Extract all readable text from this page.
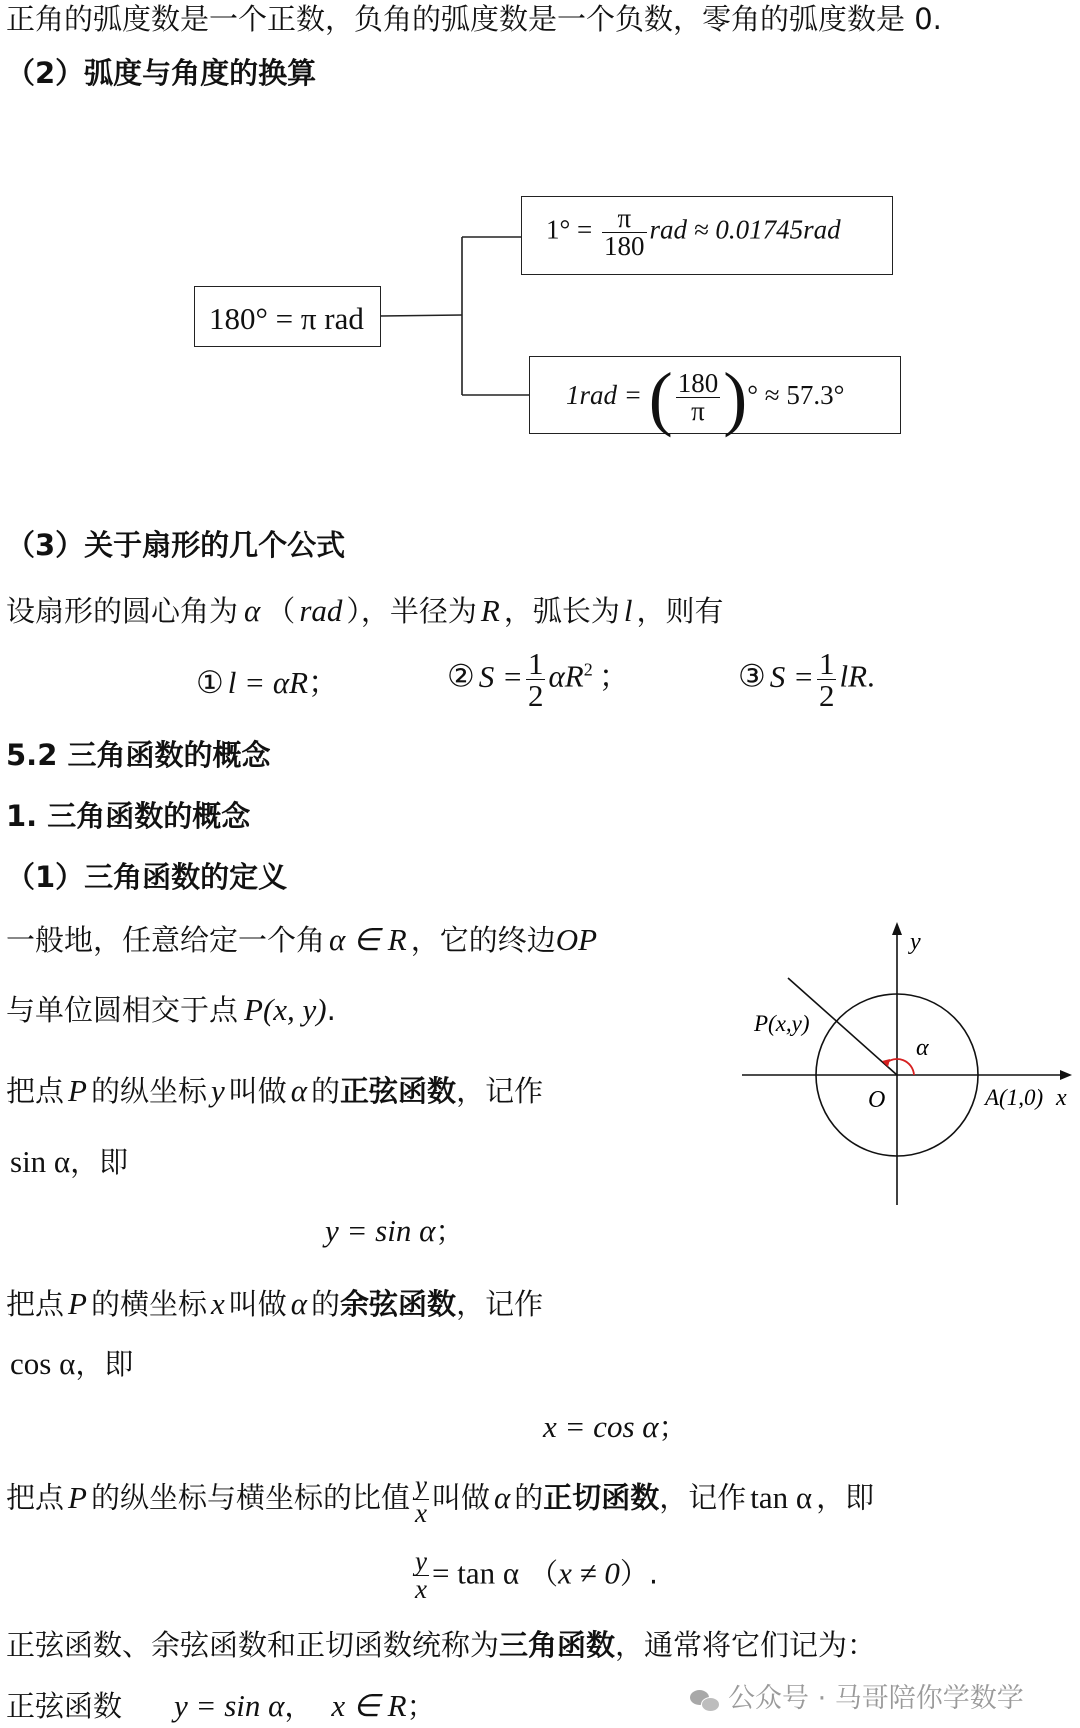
正角的弧度数是一个正数，负角的弧度数是一个负数，零角的弧度数是 0.
（2）弧度与角度的换算
180° = π rad
$1^\circ = \frac{\pi}{180}$ rad ≈ 0.01745rad
1rad = ( $\frac{180}{\pi}$ )° ≈ 57.3°
（3）关于扇形的几个公式
设扇形的圆心角为 α （ rad ），半径为 R ，弧长为 l ，则有
① l = αR；	② $S = \frac{1}{2} \alpha R^2$ ；	③ $S = \frac{1}{2}$ lR.
5.2 三角函数的概念
1. 三角函数的概念
（1）三角函数的定义
一般地，任意给定一个角 α ∈ R ，它的终边OP
与单位圆相交于点 P(x, y).
把点 P 的纵坐标 y 叫做 α 的正弦函数，记作
sin α，即
y = sin α；
把点 P 的横坐标 x 叫做 α 的余弦函数，记作
cos α，即
x = cos α；
把点 P 的纵坐标与横坐标的比值 $\frac{y}{x}$ 叫做 α 的正切函数，记作 tan α ，即
$\frac{y}{x} = \tan \alpha$ （x ≠ 0）.
正弦函数、余弦函数和正切函数统称为三角函数，通常将它们记为：
正弦函数 y = sin α， x ∈ R；
y
x
P(x,y)
α
O	A(1,0)
公众号 · 马哥陪你学数学
